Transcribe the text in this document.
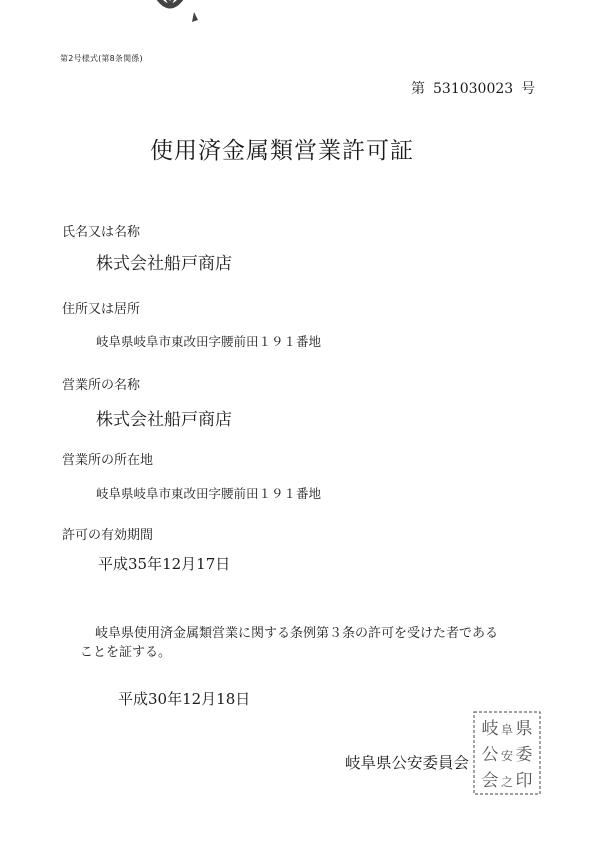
第2号様式(第8条関係)
第 531030023 号
使用済金属類営業許可証
氏名又は名称
株式会社船戸商店
住所又は居所
岐阜県岐阜市東改田字腰前田１９１番地
営業所の名称
株式会社船戸商店
営業所の所在地
岐阜県岐阜市東改田字腰前田１９１番地
許可の有効期間
平成35年12月17日
岐阜県使用済金属類営業に関する条例第３条の許可を受けた者である
ことを証する。
平成30年12月18日
岐阜県公安委員会
岐 県
公 委
会 印
阜
安
之
